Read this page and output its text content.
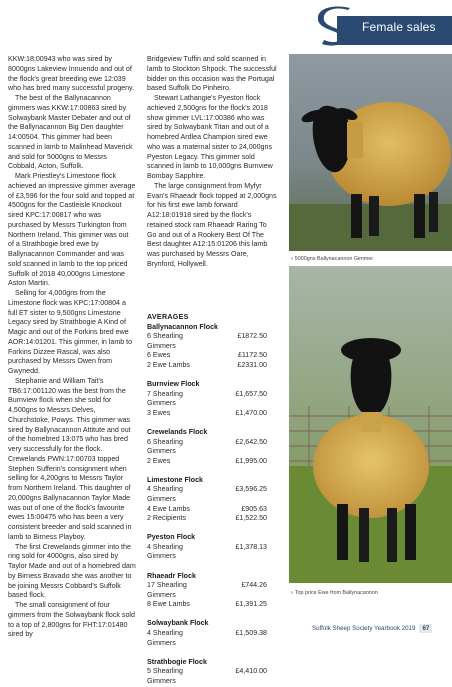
Female sales

KKW:18:00943 who was sired by 8000gns Lakeview Innuendo and out of the flock's great breeding ewe 12:039 who has bred many successful progeny.

The best of the Ballynacannon gimmers was KKW:17:00863 sired by Solwaybank Master Debater and out of the Ballynacannon Big Den daughter 14:00504. This gimmer had been scanned in lamb to Malinhead Maverick and sold for 5000gns to Messrs Cobbald, Acton, Suffolk.

Mark Priestley's Limestone flock achieved an impressive gimmer average of £3,596 for the four sold and topped at 4500gns for the Castleisle Knockout sired KPC:17:00817 who was purchased by Messrs Turkington from Northern Ireland. This gimmer was out of a Strathbogie bred ewe by Ballynacannon Commander and was sold scanned in lamb to the top priced Suffolk of 2018 40,000gns Limestone Aston Martin.

Selling for 4,000gns from the Limestone flock was KPC:17:00804 a full ET sister to 9,500gns Limestone Legacy sired by Strathbogie A Kind of Magic and out of the Forkins bred ewe AOR:14:01201. This gimmer, in lamb to Forkins Dizzee Rascal, was also purchased by Messrs Owen from Gwynedd.

Stephanie and William Tait's TB6:17:001120 was the best from the Burnview flock when she sold for 4,500gns to Messrs Delves, Churchstoke, Powys. This gimmer was sired by Ballynacannon Attitute and out of the homebred 13:075 who has bred very successfully for the flock.

Crewelands PWN:17:00703 topped Stephen Sufferin's consignment when selling for 4,200gns to Messrs Taylor from Northern Ireland. This daughter of 20,000gns Ballynacannon Taylor Made was out of one of the flock's favourite ewes 15:00475 who has been a very consistent breeder and sold scanned in lamb to Birness Playboy.

The first Crewelands gimmer into the ring sold for 4000gns, also sired by Taylor Made and out of a homebred dam by Birness Bravado she was another to be joining Messrs Cobbard's Suffolk based flock.

The small consignment of four gimmers from the Solwaybank flock sold to a top of 2,800gns for FHT:17:01480 sired by

Bridgeview Tuffin and sold scanned in lamb to Stockton Shpock. The successful bidder on this occasion was the Portugal based Suffolk Do Pinheiro.

Stewart Lathangie's Pyeston flock achieved 2,500gns for the flock's 2018 show gimmer LVL:17:00386 who was sired by Solwaybank Titan and out of a homebred Ardlea Champion sired ewe who was a maternal sister to 24,000gns Pyeston Legacy. This gimmer sold scanned in lamb to 10,000gns Burnview Bombay Sapphire.

The large consignment from Myfyr Evan's Rhaeadr flock topped at 2,000gns for his first ewe lamb forward A12:18:01918 sired by the flock's retained stock ram Rhaeadr Raring To Go and out of a Rookery Best Of The Best daughter A12:15:01206 this lamb was purchased by Messrs Oare, Brynford, Hollywell.

AVERAGES
Ballynacannon Flock
6 Shearling Gimmers
£1872.50
6 Ewes	£1172.50
2 Ewe Lambs	£2331.00
Burnview Flock
7 Shearling Gimmers
£1,657.50
3 Ewes	£1,470.00
Crewelands Flock
6 Shearling Gimmers
£2,642.50
2 Ewes	£1,995.00
Limestone Flock
4 Shearling Gimmers
£3,596.25
4 Ewe Lambs	£905.63
2 Recipients	£1,522.50
Pyeston Flock
4 Shearling Gimmers
£1,378.13
Rhaeadr Flock
17 Shearling Gimmers
£744.26
8 Ewe Lambs	£1,391.25
Solwaybank Flock
4 Shearling Gimmers
£1,509.38
Strathbogie Flock
5 Shearling Gimmers
£4,410.00
› 5000gns Ballynacannon Gimmer
› Top price Ewe from Ballynacannon
Suffolk Sheep Society Yearbook 2019 67
